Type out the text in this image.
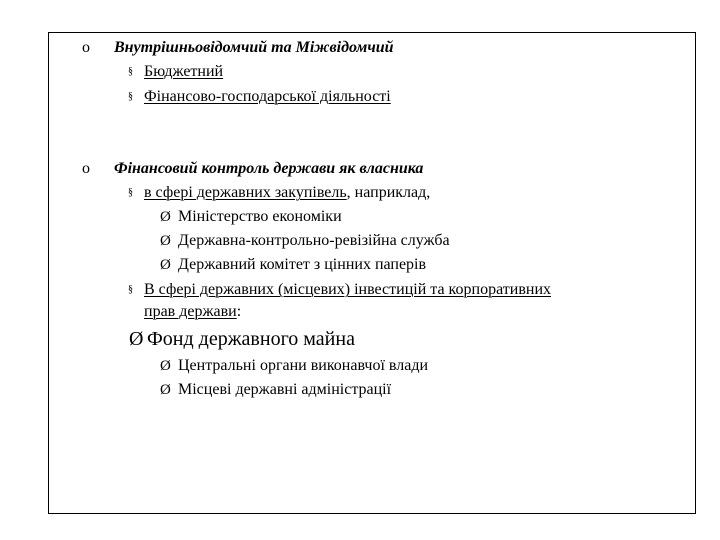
o Внутрішньовідомчий та Міжвідомчий
§ Бюджетний
§ Фінансово-господарської діяльності
o Фінансовий контроль держави як власника
§ в сфері державних закупівель, наприклад,
Ø Міністерство економіки
Ø Державна-контрольно-ревізійна служба
Ø Державний комітет з цінних паперів
§ В сфері державних (місцевих) інвестицій та корпоративних
прав держави:
Ø Фонд державного майна
Ø Центральні органи виконавчої влади
Ø Місцеві державні адміністрації
